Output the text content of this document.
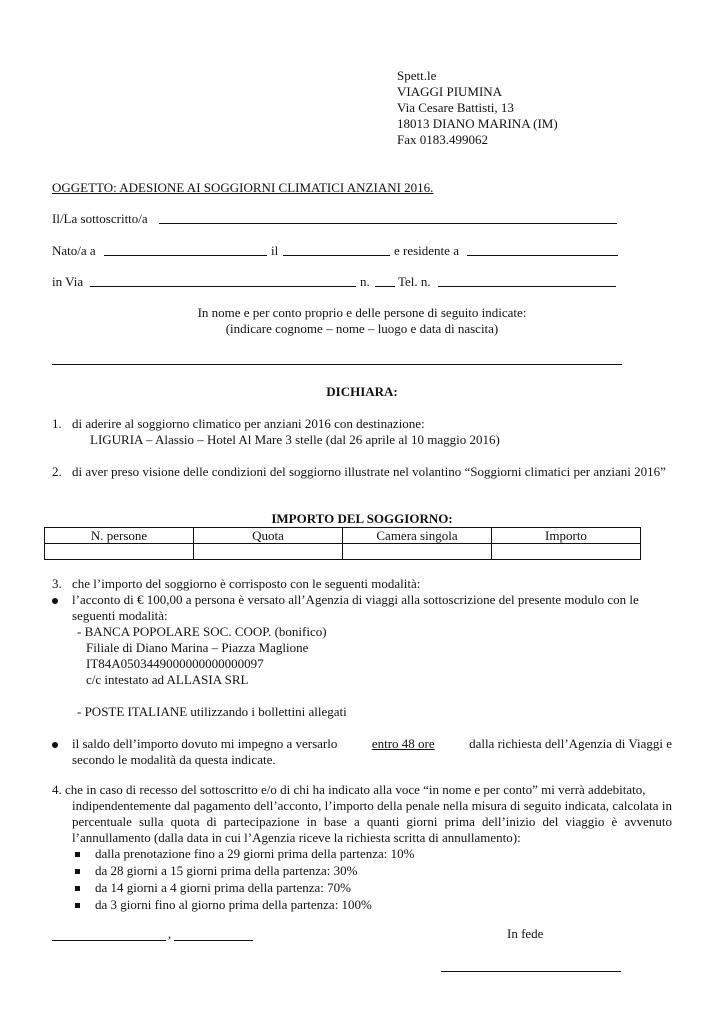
Spett.le
VIAGGI PIUMINA
Via Cesare Battisti, 13
18013 DIANO MARINA (IM)
Fax 0183.499062
OGGETTO: ADESIONE AI SOGGIORNI CLIMATICI ANZIANI 2016.
Il/La sottoscritto/a
Nato/a a	il	e residente a
in Via	n. Tel. n.
In nome e per conto proprio e delle persone di seguito indicate:
(indicare cognome – nome – luogo e data di nascita)
DICHIARA:
1. di aderire al soggiorno climatico per anziani 2016 con destinazione:
LIGURIA – Alassio – Hotel Al Mare 3 stelle (dal 26 aprile al 10 maggio 2016)
2. di aver preso visione delle condizioni del soggiorno illustrate nel volantino “Soggiorni climatici per anziani 2016”
IMPORTO DEL SOGGIORNO:
N. persone	Quota	Camera singola	Importo

3. che l’importo del soggiorno è corrisposto con le seguenti modalità:
l’acconto di € 100,00 a persona è versato all’Agenzia di viaggi alla sottoscrizione del presente modulo con le
seguenti modalità:
- BANCA POPOLARE SOC. COOP. (bonifico)
Filiale di Diano Marina – Piazza Maglione
IT84A0503449000000000000097
c/c intestato ad ALLASIA SRL
- POSTE ITALIANE utilizzando i bollettini allegati
il saldo dell’importo dovuto mi impegno a versarlo	entro 48 ore	dalla richiesta dell’Agenzia di Viaggi e
secondo le modalità da questa indicate.
4. che in caso di recesso del sottoscritto e/o di chi ha indicato alla voce “in nome e per conto” mi verrà addebitato,
indipendentemente dal pagamento dell’acconto, l’importo della penale nella misura di seguito indicata, calcolata in percentuale sulla quota di partecipazione in base a quanti giorni prima dell’inizio del viaggio è avvenuto l’annullamento (dalla data in cui l’Agenzia riceve la richiesta scritta di annullamento):
dalla prenotazione fino a 29 giorni prima della partenza: 10%
da 28 giorni a 15 giorni prima della partenza: 30%
da 14 giorni a 4 giorni prima della partenza: 70%
da 3 giorni fino al giorno prima della partenza: 100%
,	In fede
